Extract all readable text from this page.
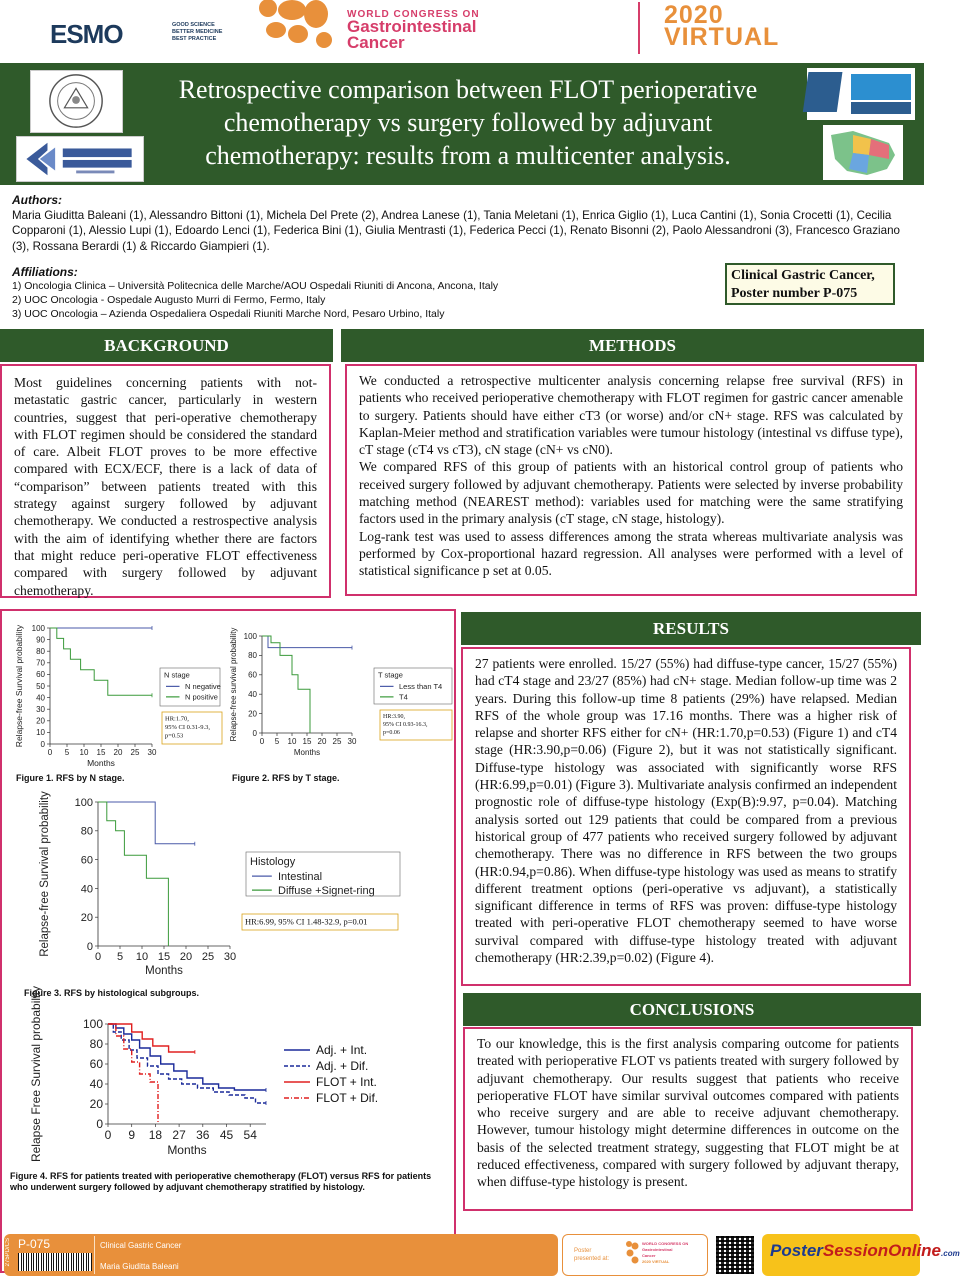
ESMO	GOOD SCIENCE
BETTER MEDICINE
BEST PRACTICE
WORLD CONGRESS ON
Gastrointestinal
Cancer
2020
VIRTUAL
Retrospective comparison between FLOT perioperative chemotherapy vs surgery followed by adjuvant chemotherapy: results from a multicenter analysis.
Authors:
Maria Giuditta Baleani (1), Alessandro Bittoni (1), Michela Del Prete (2), Andrea Lanese (1), Tania Meletani (1), Enrica Giglio (1), Luca Cantini (1), Sonia Crocetti (1), Cecilia Copparoni (1), Alessio Lupi (1), Edoardo Lenci (1), Federica Bini (1), Giulia Mentrasti (1), Federica Pecci (1), Renato Bisonni (2), Paolo Alessandroni (3), Francesco Graziano (3), Rossana Berardi (1) & Riccardo Giampieri (1).
Affiliations:
1) Oncologia Clinica – Università Politecnica delle Marche/AOU Ospedali Riuniti di Ancona, Ancona, Italy
2) UOC Oncologia - Ospedale Augusto Murri di Fermo, Fermo, Italy
3) UOC Oncologia – Azienda Ospedaliera Ospedali Riuniti Marche Nord, Pesaro Urbino, Italy
Clinical Gastric Cancer,
Poster number P-075
BACKGROUND
Most guidelines concerning patients with not-metastatic gastric cancer, particularly in western countries, suggest that peri-operative chemotherapy with FLOT regimen should be considered the standard of care. Albeit FLOT proves to be more effective compared with ECX/ECF, there is a lack of data of “comparison” between patients treated with this strategy against surgery followed by adjuvant chemotherapy. We conducted a restrospective analysis with the aim of identifying whether there are factors that might reduce peri-operative FLOT effectiveness compared with surgery followed by adjuvant chemotherapy.
METHODS
We conducted a retrospective multicenter analysis concerning relapse free survival (RFS) in patients who received perioperative chemotherapy with FLOT regimen for gastric cancer amenable to surgery. Patients should have either cT3 (or worse) and/or cN+ stage. RFS was calculated by Kaplan-Meier method and stratification variables were tumour histology (intestinal vs diffuse type), cT stage (cT4 vs cT3), cN stage (cN+ vs cN0).
We compared RFS of this group of patients with an historical control group of patients who received surgery followed by adjuvant chemotherapy. Patients were selected by inverse probability matching method (NEAREST method): variables used for matching were the same stratifying factors used in the primary analysis (cT stage, cN stage, histology).
Log-rank test was used to assess differences among the strata whereas multivariate analysis was performed by Cox-proportional hazard regression. All analyses were performed with a level of statistical significance p set at 0.05.
0
10
20
30
40
50
60
70
80
90
100
0 5 10 15 20 25 30
Months
Relapse-free Survival probability	N stage
N negative
N positive
HR:1.70,
95% CI 0.31-9.3,
p=0.53
Figure 1. RFS by N stage.
0
20
40
60
80
100
0 5 10 15 20 25 30
Months
Relapse-free survival probability	T stage
Less than T4
T4
HR:3.90,
95% CI 0.93-16.3,
p=0.06
Figure 2. RFS by T stage.
0
20
40
60
80
100
0 5 10 15 20 25 30
Months
Relapse-free Survival probability	Histology
Intestinal
Diffuse +Signet-ring
HR:6.99, 95% CI 1.48-32.9, p=0.01
Figure 3. RFS by histological subgroups.
0
20
40
60
80
100
0 9 18 27 36 45 54
Months
Relapse Free Survival probability	Adj. + Int.
Adj. + Dif.
FLOT + Int.
FLOT + Dif.
Figure 4. RFS for patients treated with perioperative chemotherapy (FLOT) versus RFS for patients who underwent surgery followed by adjuvant chemotherapy stratified by histology.
RESULTS
27 patients were enrolled. 15/27 (55%) had diffuse-type cancer, 15/27 (55%) had cT4 stage and 23/27 (85%) had cN+ stage. Median follow-up time was 2 years. During this follow-up time 8 patients (29%) have relapsed. Median RFS of the whole group was 17.16 months. There was a higher risk of relapse and shorter RFS either for cN+ (HR:1.70,p=0.53) (Figure 1) and cT4 stage (HR:3.90,p=0.06) (Figure 2), but it was not statistically significant. Diffuse-type histology was associated with significantly worse RFS (HR:6.99,p=0.01) (Figure 3). Multivariate analysis confirmed an independent prognostic role of diffuse-type histology (Exp(B):9.97, p=0.04). Matching analysis sorted out 129 patients that could be compared from a previous historical group of 477 patients who received surgery followed by adjuvant chemotherapy. There was no difference in RFS between the two groups (HR:0.94,p=0.86). When diffuse-type histology was used as means to stratify different treatment options (peri-operative vs adjuvant), a statistically significant difference in terms of RFS was proven: diffuse-type histology treated with peri-operative FLOT chemotherapy seemed to have worse survival compared with diffuse-type histology treated with adjuvant chemotherapy (HR:2.39,p=0.02) (Figure 4).
CONCLUSIONS
To our knowledge, this is the first analysis comparing outcome for patients treated with perioperative FLOT vs patients treated with surgery followed by adjuvant chemotherapy. Our results suggest that patients who receive perioperative FLOT have similar survival outcomes compared with patients who receive surgery and are able to receive adjuvant chemotherapy. However, tumour histology might determine differences in outcome on the basis of the selected treatment strategy, suggesting that FLOT might be at reduced effectiveness, compared with surgery followed by adjuvant therapy, when diffuse-type histology is present.
275PD/CS P-075	Clinical Gastric Cancer
Maria Giuditta Baleani
Poster
presented at:
WORLD CONGRESS ON
Gastrointestinal
Cancer
2020 VIRTUAL
PosterSessionOnline.com
